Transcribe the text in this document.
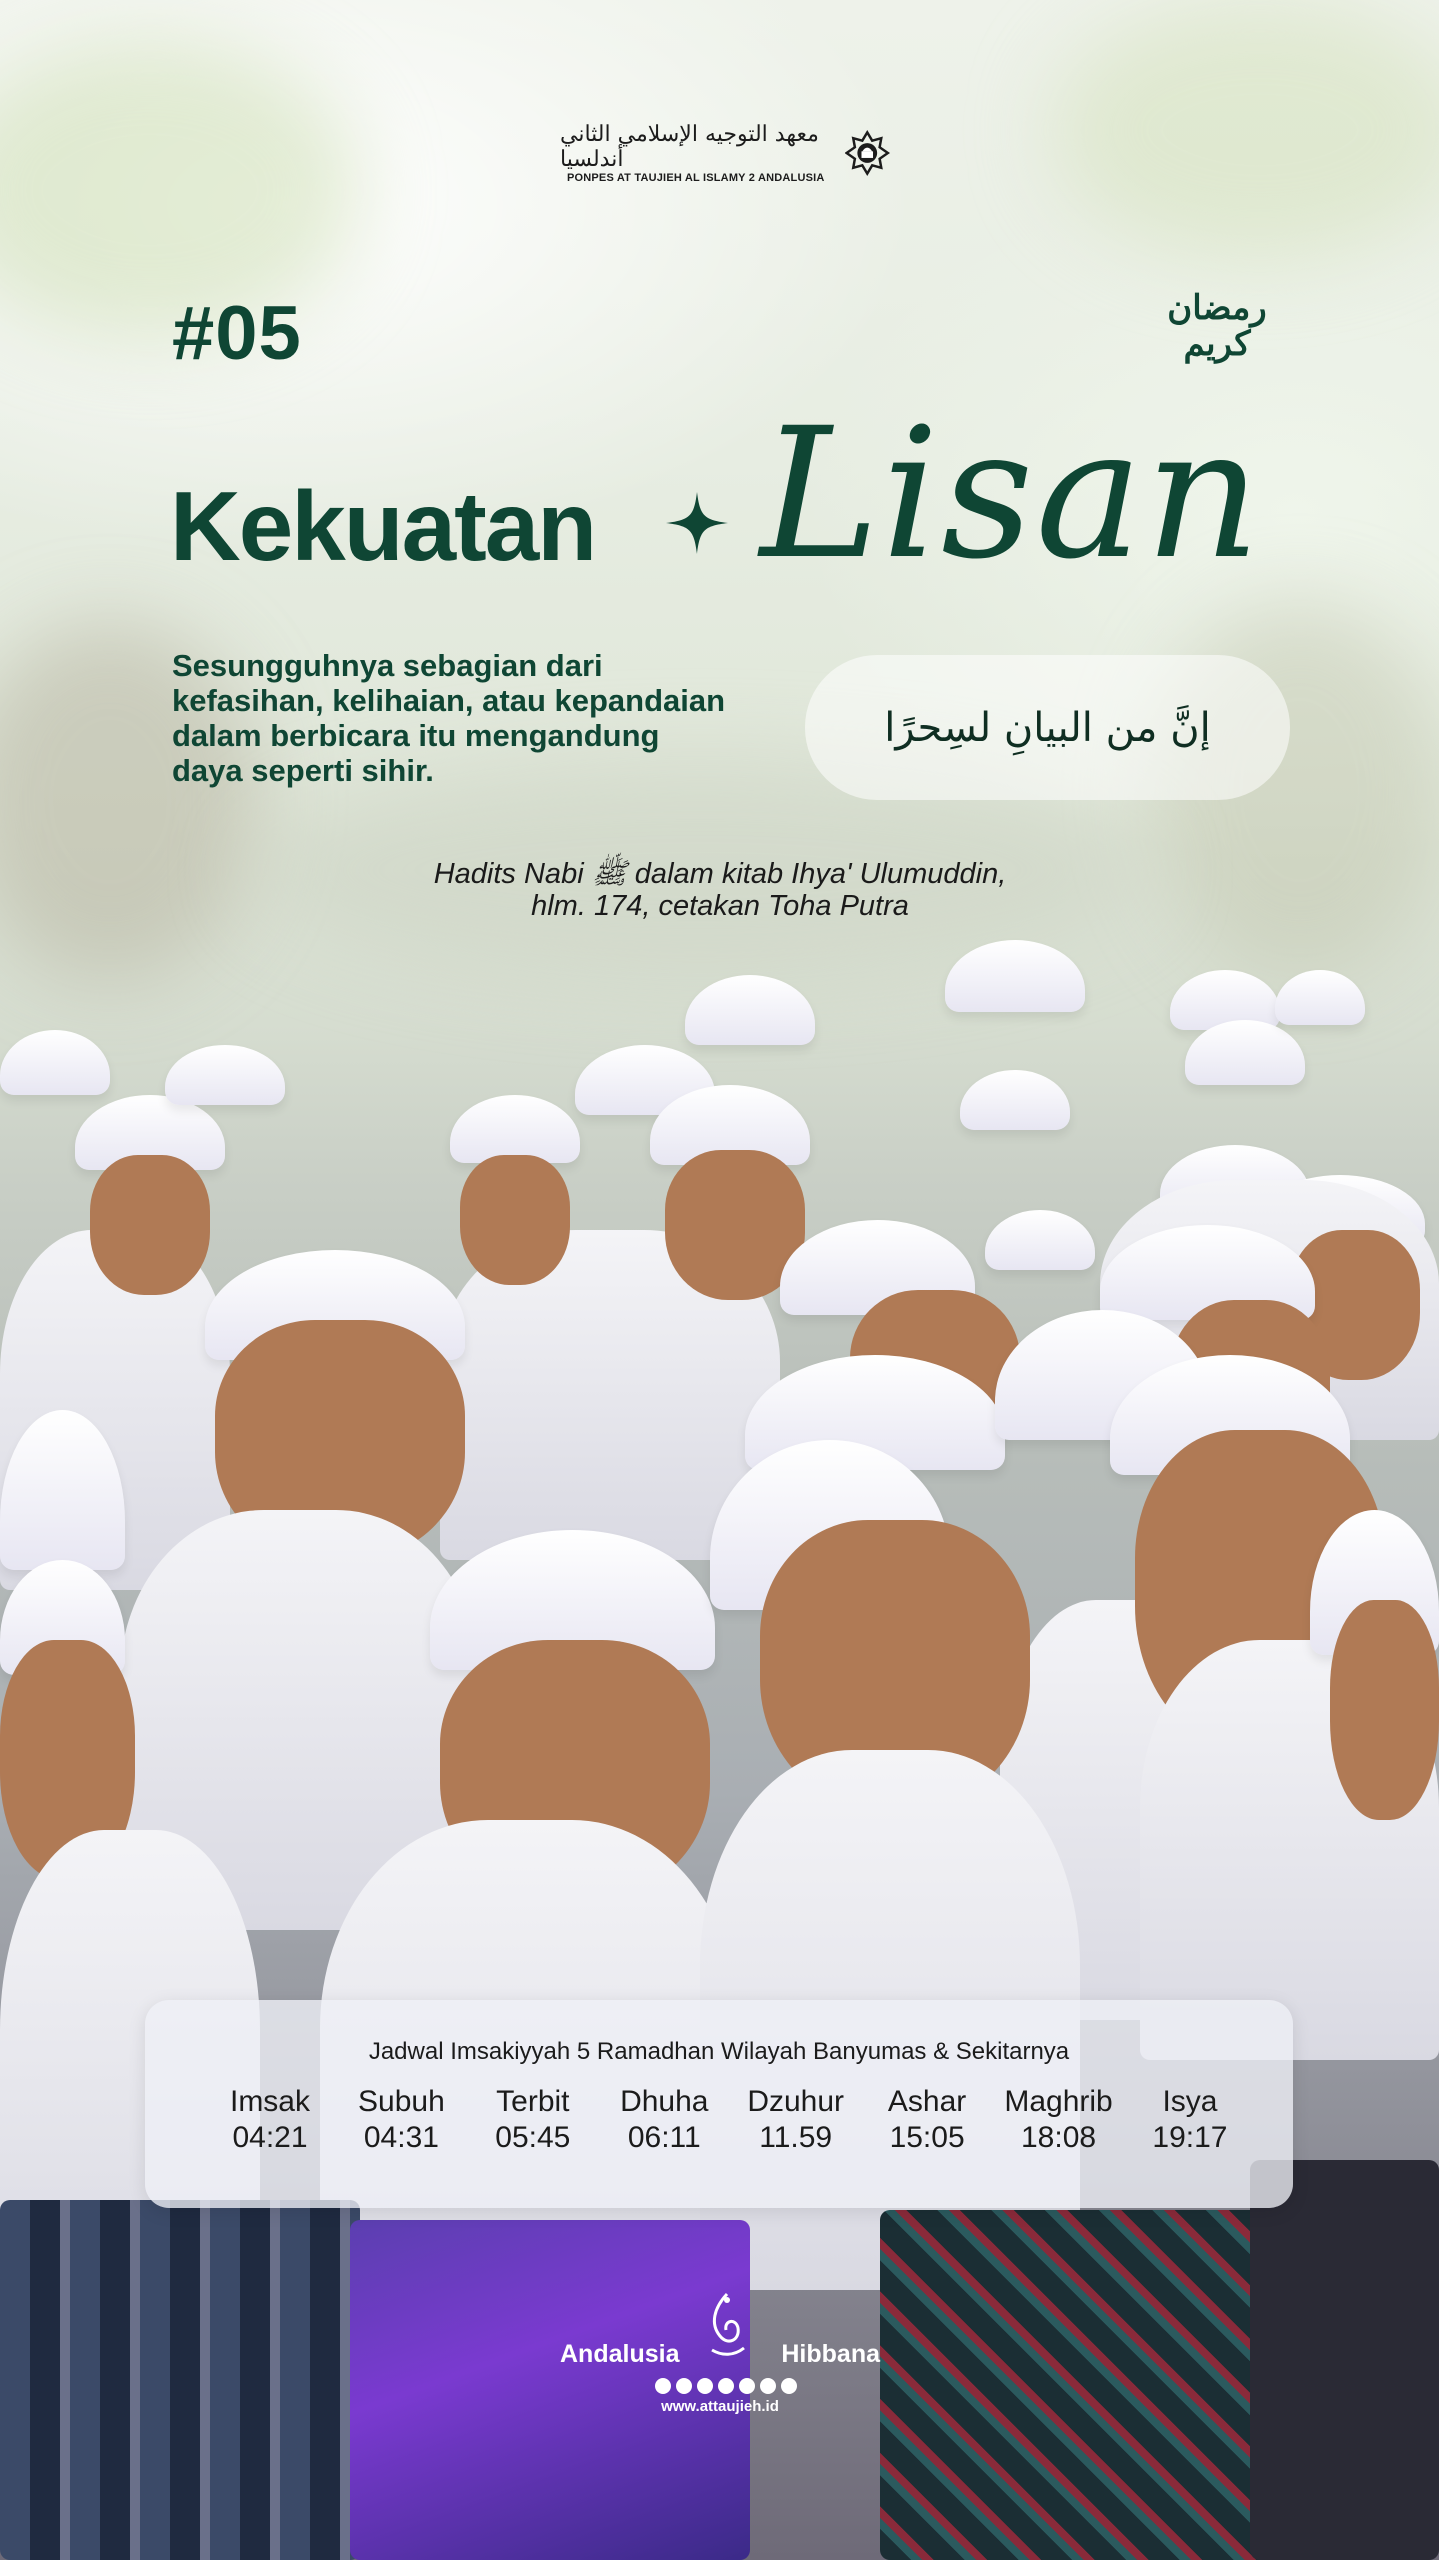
معهد التوجيه الإسلامي الثاني أندلسيا
PONPES AT TAUJIEH AL ISLAMY 2 ANDALUSIA
#05	رمضان
كريم
Kekuatan Lisan
Sesungguhnya sebagian dari kefasihan, kelihaian, atau kepandaian dalam berbicara itu mengandung daya seperti sihir.
إنَّ من البيانِ لسِحرًا
Hadits Nabi ﷺ dalam kitab Ihya' Ulumuddin,
hlm. 174, cetakan Toha Putra
Jadwal Imsakiyyah 5 Ramadhan Wilayah Banyumas & Sekitarnya
Imsak
04:21
Subuh
04:31
Terbit
05:45
Dhuha
06:11
Dzuhur
11.59
Ashar
15:05
Maghrib
18:08
Isya
19:17
Andalusia	Hibbana
www.attaujieh.id
